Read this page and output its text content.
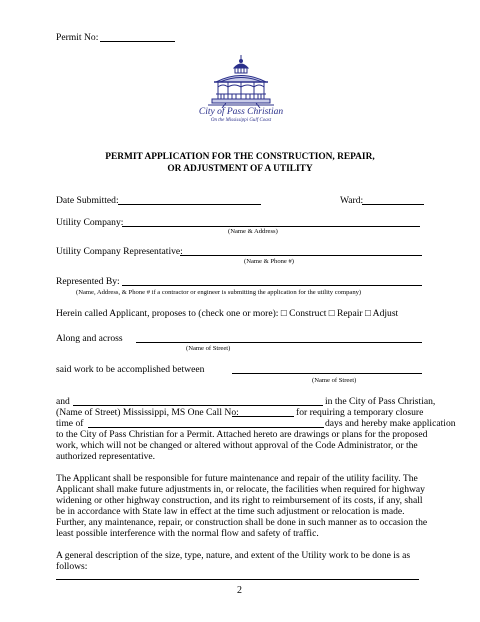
Permit No:
City of Pass Christian
On the Mississippi Gulf Coast
PERMIT APPLICATION FOR THE CONSTRUCTION, REPAIR,
OR ADJUSTMENT OF A UTILITY
Date Submitted:	Ward:
Utility Company:
(Name & Address)
Utility Company Representative:
(Name & Phone #)
Represented By:
(Name, Address, & Phone # if a contractor or engineer is submitting the application for the utility company)
Herein called Applicant, proposes to (check one or more): □ Construct □ Repair □ Adjust
Along and across
(Name of Street)
said work to be accomplished between
(Name of Street)
and	in the City of Pass Christian,
(Name of Street) Mississippi, MS One Call No:	for requiring a temporary closure
time of	days and hereby make application
to the City of Pass Christian for a Permit. Attached hereto are drawings or plans for the proposed
work, which will not be changed or altered without approval of the Code Administrator, or the
authorized representative.
The Applicant shall be responsible for future maintenance and repair of the utility facility. The
Applicant shall make future adjustments in, or relocate, the facilities when required for highway
widening or other highway construction, and its right to reimbursement of its costs, if any, shall
be in accordance with State law in effect at the time such adjustment or relocation is made.
Further, any maintenance, repair, or construction shall be done in such manner as to occasion the
least possible interference with the normal flow and safety of traffic.
A general description of the size, type, nature, and extent of the Utility work to be done is as
follows:
2
